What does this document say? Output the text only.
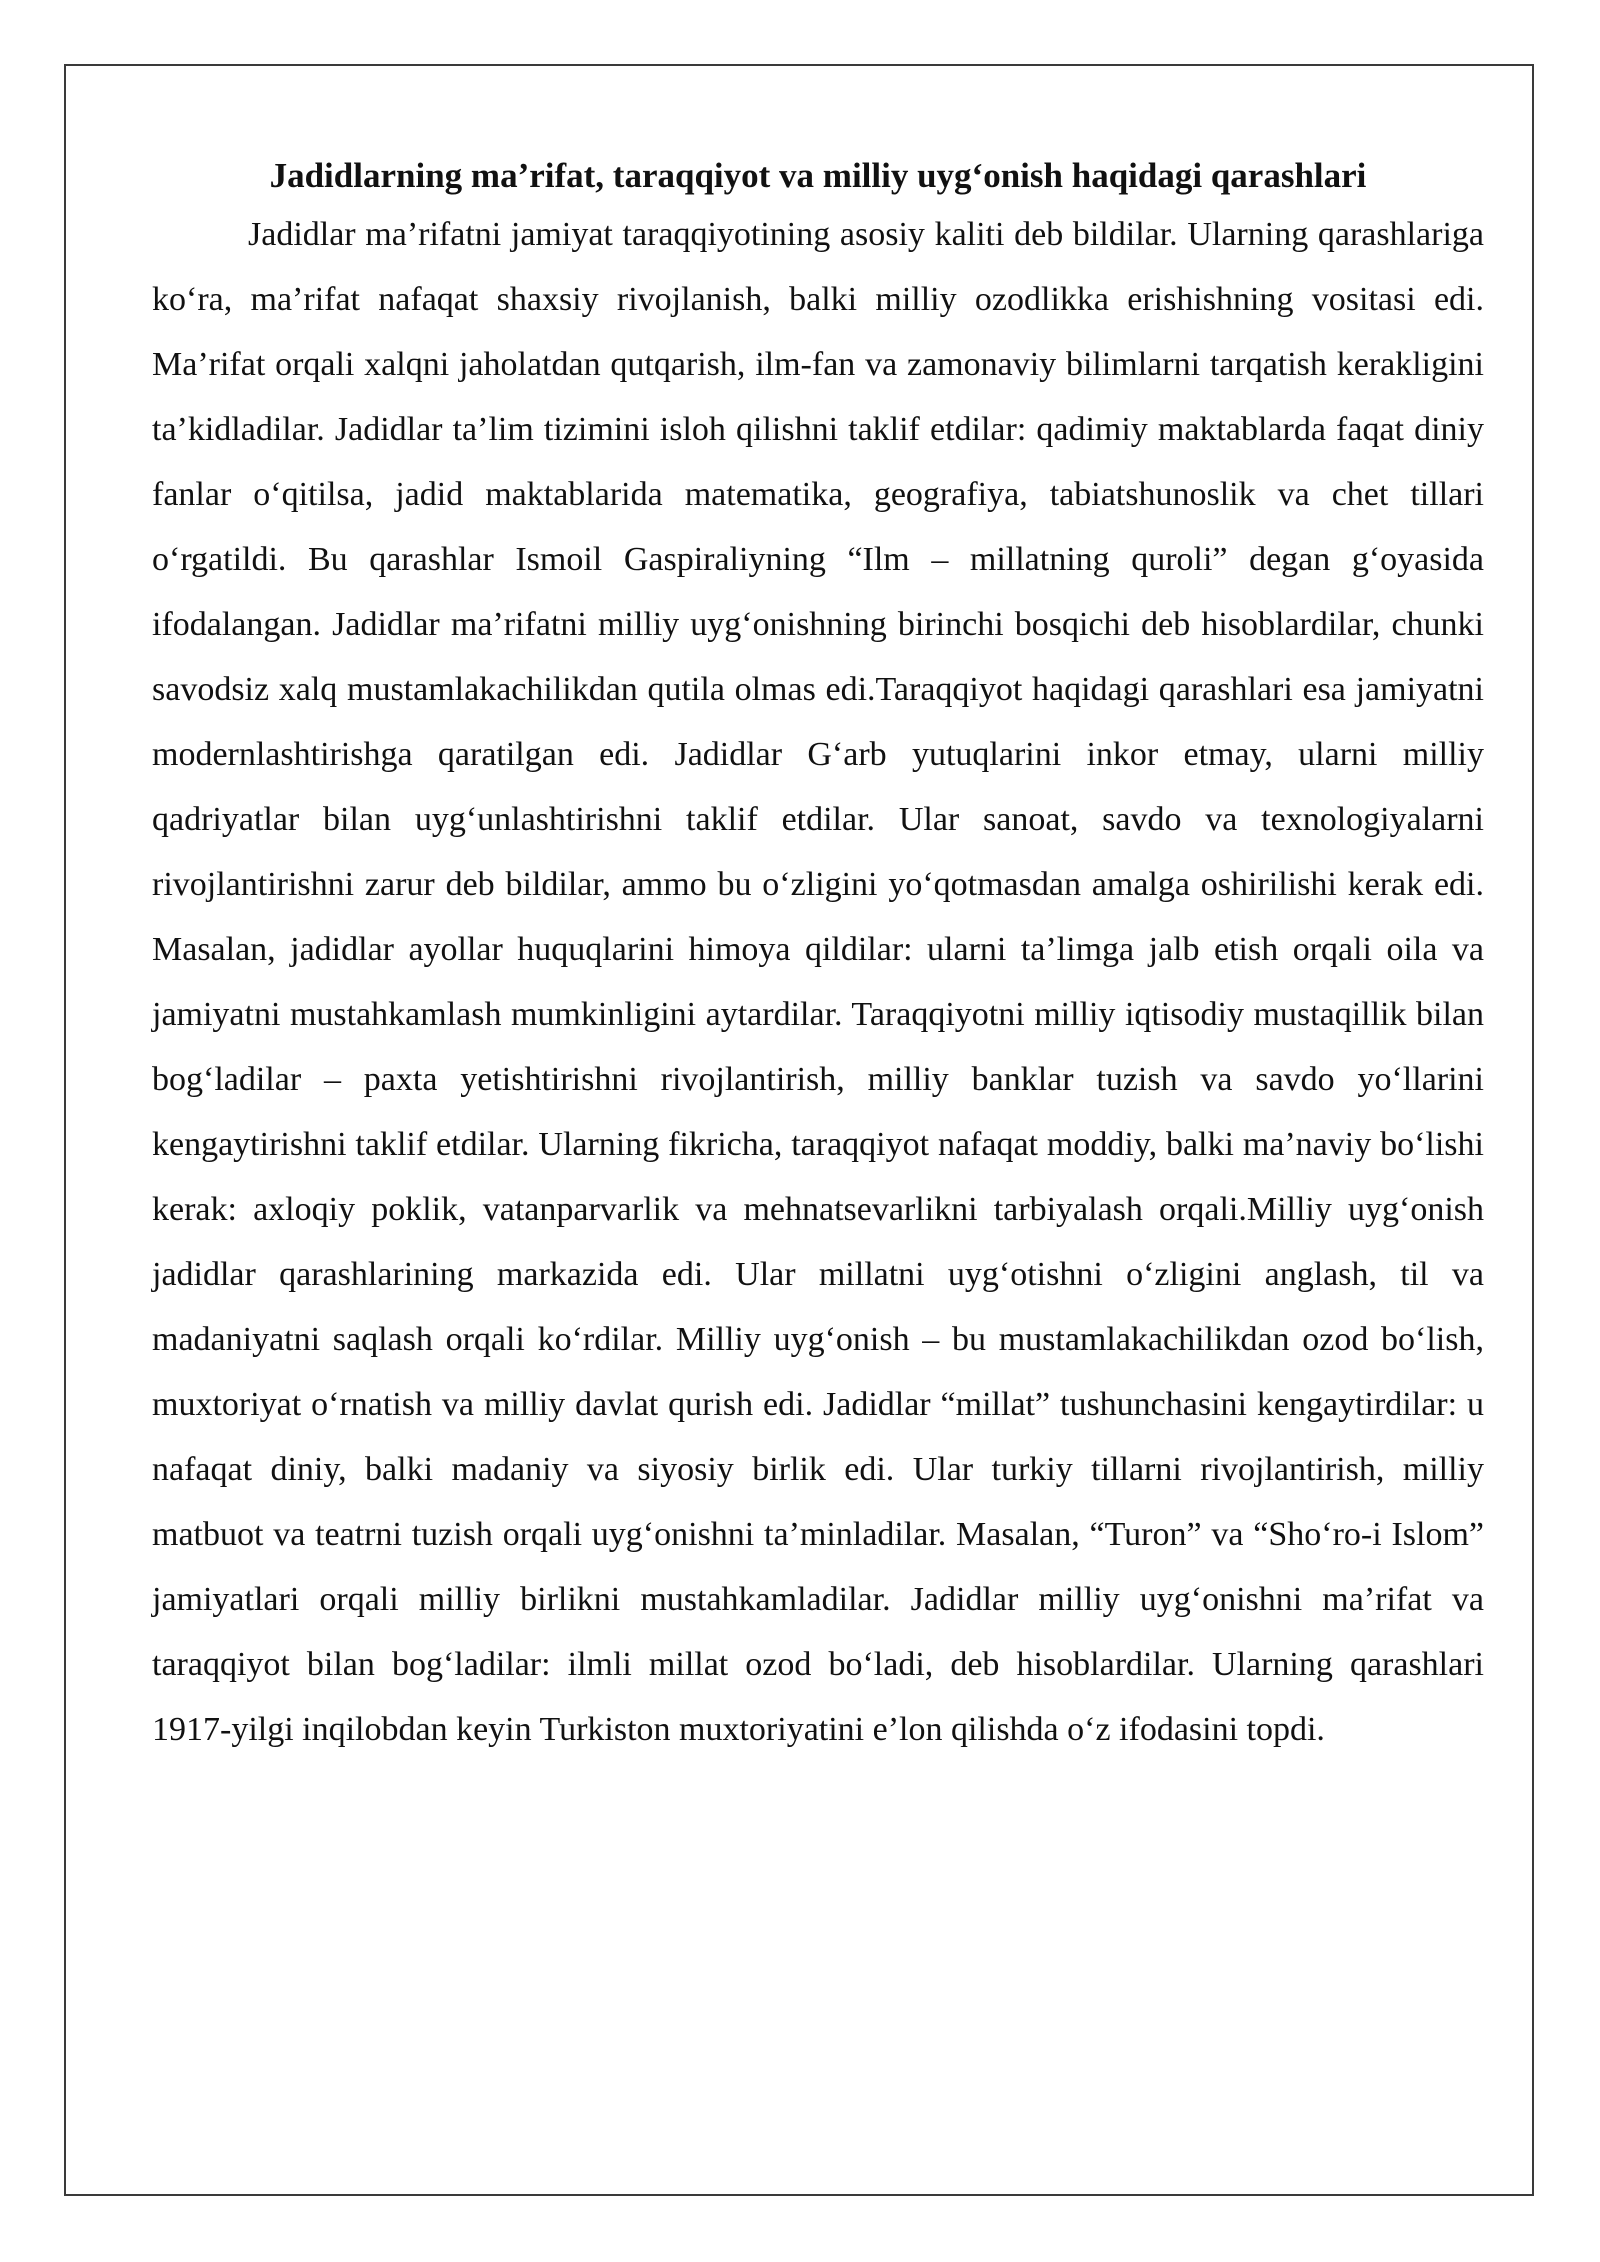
Jadidlarning ma’rifat, taraqqiyot va milliy uyg‘onish haqidagi qarashlari

Jadidlar ma’rifatni jamiyat taraqqiyotining asosiy kaliti deb bildilar. Ularning qarashlariga ko‘ra, ma’rifat nafaqat shaxsiy rivojlanish, balki milliy ozodlikka erishishning vositasi edi. Ma’rifat orqali xalqni jaholatdan qutqarish, ilm-fan va zamonaviy bilimlarni tarqatish kerakligini ta’kidladilar. Jadidlar ta’lim tizimini isloh qilishni taklif etdilar: qadimiy maktablarda faqat diniy fanlar o‘qitilsa, jadid maktablarida matematika, geografiya, tabiatshunoslik va chet tillari o‘rgatildi. Bu qarashlar Ismoil Gaspiraliyning “Ilm – millatning quroli” degan g‘oyasida ifodalangan. Jadidlar ma’rifatni milliy uyg‘onishning birinchi bosqichi deb hisoblardilar, chunki savodsiz xalq mustamlakachilikdan qutila olmas edi.Taraqqiyot haqidagi qarashlari esa jamiyatni modernlashtirishga qaratilgan edi. Jadidlar G‘arb yutuqlarini inkor etmay, ularni milliy qadriyatlar bilan uyg‘unlashtirishni taklif etdilar. Ular sanoat, savdo va texnologiyalarni rivojlantirishni zarur deb bildilar, ammo bu o‘zligini yo‘qotmasdan amalga oshirilishi kerak edi. Masalan, jadidlar ayollar huquqlarini himoya qildilar: ularni ta’limga jalb etish orqali oila va jamiyatni mustahkamlash mumkinligini aytardilar. Taraqqiyotni milliy iqtisodiy mustaqillik bilan bog‘ladilar – paxta yetishtirishni rivojlantirish, milliy banklar tuzish va savdo yo‘llarini kengaytirishni taklif etdilar. Ularning fikricha, taraqqiyot nafaqat moddiy, balki ma’naviy bo‘lishi kerak: axloqiy poklik, vatanparvarlik va mehnatsevarlikni tarbiyalash orqali.Milliy uyg‘onish jadidlar qarashlarining markazida edi. Ular millatni uyg‘otishni o‘zligini anglash, til va madaniyatni saqlash orqali ko‘rdilar. Milliy uyg‘onish – bu mustamlakachilikdan ozod bo‘lish, muxtoriyat o‘rnatish va milliy davlat qurish edi. Jadidlar “millat” tushunchasini kengaytirdilar: u nafaqat diniy, balki madaniy va siyosiy birlik edi. Ular turkiy tillarni rivojlantirish, milliy matbuot va teatrni tuzish orqali uyg‘onishni ta’minladilar. Masalan, “Turon” va “Sho‘ro-i Islom” jamiyatlari orqali milliy birlikni mustahkamladilar. Jadidlar milliy uyg‘onishni ma’rifat va taraqqiyot bilan bog‘ladilar: ilmli millat ozod bo‘ladi, deb hisoblardilar. Ularning qarashlari 1917-yilgi inqilobdan keyin Turkiston muxtoriyatini e’lon qilishda o‘z ifodasini topdi.
